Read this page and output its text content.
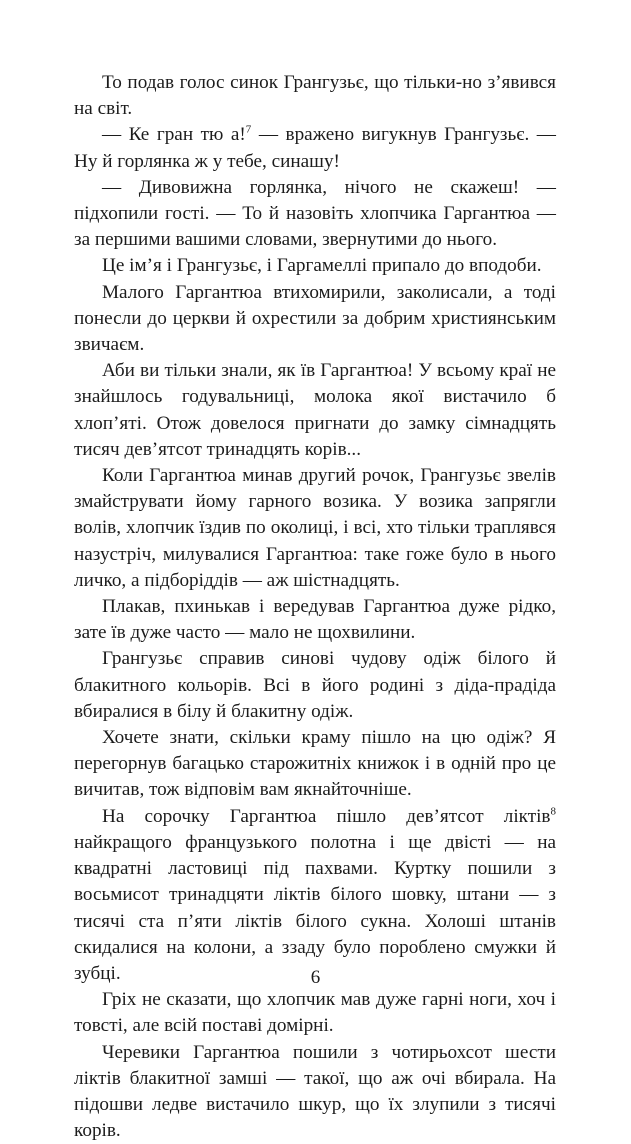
То подав голос синок Грангузьє, що тільки-но з’явився на світ.

— Ке гран тю а!$^7$ — вражено вигукнув Грангузьє. — Ну й горлянка ж у тебе, синашу!

— Дивовижна горлянка, нічого не скажеш! — підхопили гості. — То й назовіть хлопчика Гаргантюа — за першими вашими словами, звернутими до нього.

Це ім’я і Грангузьє, і Гаргамеллі припало до вподоби.

Малого Гаргантюа втихомирили, заколисали, а тоді понесли до церкви й охрестили за добрим християнським звичаєм.

Аби ви тільки знали, як їв Гаргантюа! У всьому краї не знайшлось годувальниці, молока якої вистачило б хлоп’яті. Отож довелося пригнати до замку сімнадцять тисяч дев’ятсот тринадцять корів...

Коли Гаргантюа минав другий рочок, Грангузьє звелів змайструвати йому гарного возика. У возика запрягли волів, хлопчик їздив по околиці, і всі, хто тільки траплявся назустріч, милувалися Гаргантюа: таке гоже було в нього личко, а підборіддів — аж шістнадцять.

Плакав, пхинькав і вередував Гаргантюа дуже рідко, зате їв дуже часто — мало не щохвилини.

Грангузьє справив синові чудову одіж білого й блакитного кольорів. Всі в його родині з діда-прадіда вбиралися в білу й блакитну одіж.

Хочете знати, скільки краму пішло на цю одіж? Я перегорнув багацько старожитніх книжок і в одній про це вичитав, тож відповім вам якнайточніше.

На сорочку Гаргантюа пішло дев’ятсот ліктів$^8$ найкращого французького полотна і ще двісті — на квадратні ластовиці під пахвами. Куртку пошили з восьмисот тринадцяти ліктів білого шовку, штани — з тисячі ста п’яти ліктів білого сукна. Холоші штанів скидалися на колони, а ззаду було пороблено смужки й зубці.

Гріх не сказати, що хлопчик мав дуже гарні ноги, хоч і товсті, але всій поставі домірні.

Черевики Гаргантюа пошили з чотирьохсот шести ліктів блакитної замші — такої, що аж очі вбирала. На підошви ледве вистачило шкур, що їх злупили з тисячі корів.

6
